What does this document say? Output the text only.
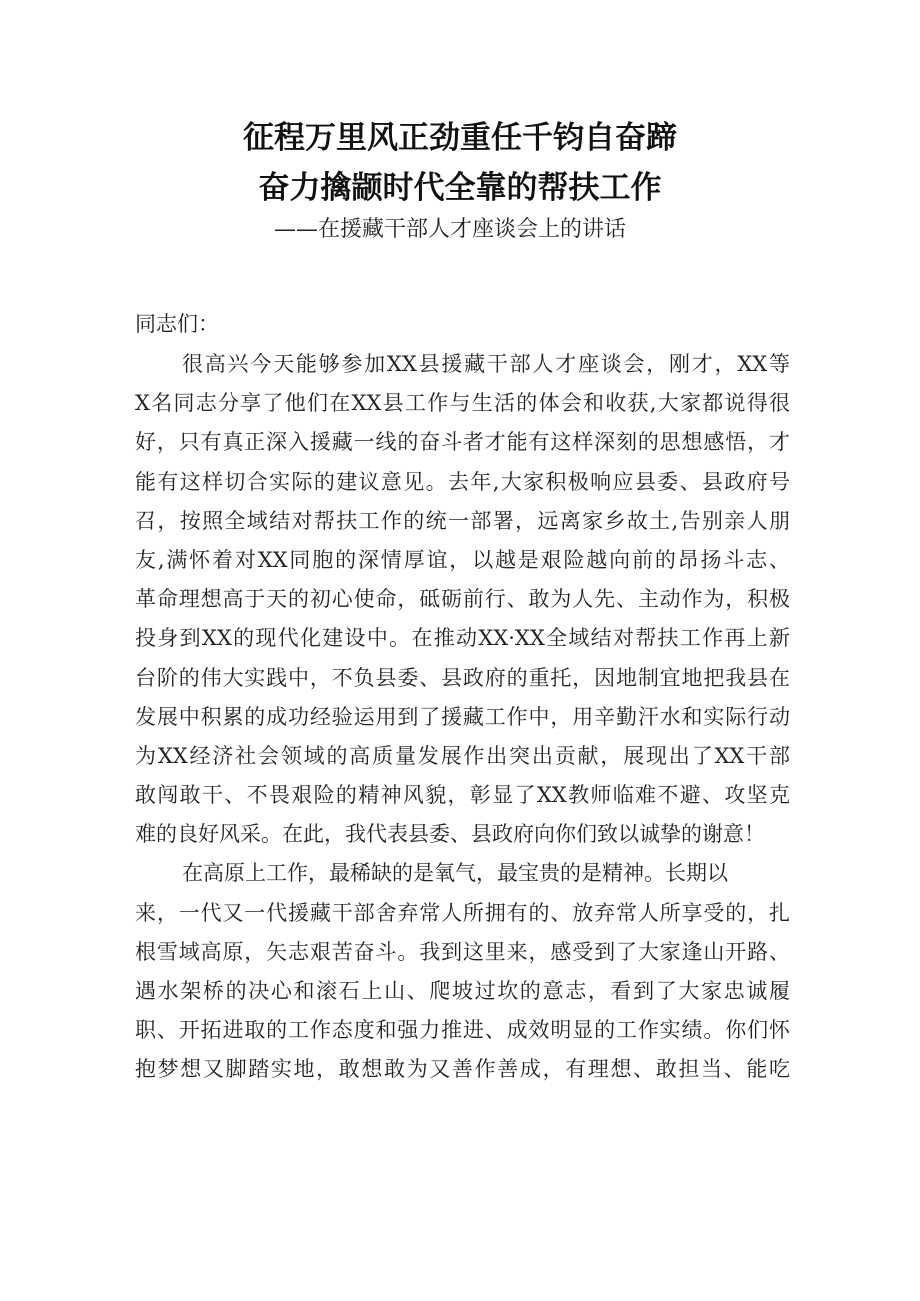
征程万里风正劲重任千钧自奋蹄
奋力擒颛时代全靠的帮扶工作
——在援藏干部人才座谈会上的讲话
同志们：
很高兴今天能够参加XX县援藏干部人才座谈会，刚才，XX等
X名同志分享了他们在XX县工作与生活的体会和收获,大家都说得很
好，只有真正深入援藏一线的奋斗者才能有这样深刻的思想感悟，才
能有这样切合实际的建议意见。去年,大家积极响应县委、县政府号
召，按照全域结对帮扶工作的统一部署，远离家乡故土,告别亲人朋
友,满怀着对XX同胞的深情厚谊，以越是艰险越向前的昂扬斗志、
革命理想高于天的初心使命，砥砺前行、敢为人先、主动作为，积极
投身到XX的现代化建设中。在推动XX·XX全域结对帮扶工作再上新
台阶的伟大实践中，不负县委、县政府的重托，因地制宜地把我县在
发展中积累的成功经验运用到了援藏工作中，用辛勤汗水和实际行动
为XX经济社会领域的高质量发展作出突出贡献，展现出了XX干部
敢闯敢干、不畏艰险的精神风貌，彰显了XX教师临难不避、攻坚克
难的良好风采。在此，我代表县委、县政府向你们致以诚挚的谢意！
在高原上工作，最稀缺的是氧气，最宝贵的是精神。长期以
来，一代又一代援藏干部舍弃常人所拥有的、放弃常人所享受的，扎
根雪域高原，矢志艰苦奋斗。我到这里来，感受到了大家逢山开路、
遇水架桥的决心和滚石上山、爬坡过坎的意志，看到了大家忠诚履
职、开拓进取的工作态度和强力推进、成效明显的工作实绩。你们怀
抱梦想又脚踏实地，敢想敢为又善作善成，有理想、敢担当、能吃
